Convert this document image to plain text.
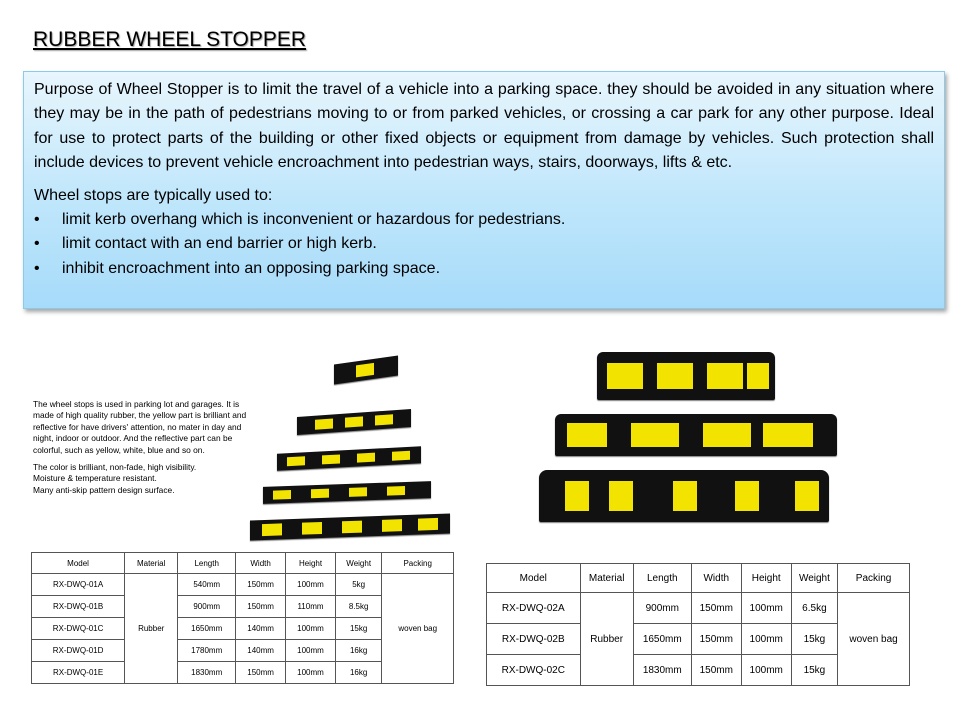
RUBBER WHEEL STOPPER

Purpose of Wheel Stopper is to limit the travel of a vehicle into a parking space. they should be avoided in any situation where they may be in the path of pedestrians moving to or from parked vehicles, or crossing a car park for any other purpose. Ideal for use to protect parts of the building or other fixed objects or equipment from damage by vehicles. Such protection shall include devices to prevent vehicle encroachment into pedestrian ways, stairs, doorways, lifts & etc.

Wheel stops are typically used to:

• limit kerb overhang which is inconvenient or hazardous for pedestrians.
• limit contact with an end barrier or high kerb.
• inhibit encroachment into an opposing parking space.

The wheel stops is used in parking lot and garages. It is made of high quality rubber, the yellow part is brilliant and reflective for have drivers' attention, no mater in day and night, indoor or outdoor. And the reflective part can be colorful, such as yellow, white, blue and so on.

The color is brilliant, non-fade, high visibility.

Moisture & temperature resistant.

Many anti-skip pattern design surface.

Model	Material	Length	Width	Height	Weight	Packing
RX-DWQ-01A	Rubber	540mm	150mm	100mm	5kg	woven bag
RX-DWQ-01B		900mm	150mm	110mm	8.5kg	
RX-DWQ-01C		1650mm	140mm	100mm	15kg	
RX-DWQ-01D		1780mm	140mm	100mm	16kg	
RX-DWQ-01E		1830mm	150mm	100mm	16kg	
Model	Material	Length	Width	Height	Weight	Packing
RX-DWQ-02A	Rubber	900mm	150mm	100mm	6.5kg	woven bag
RX-DWQ-02B		1650mm	150mm	100mm	15kg	
RX-DWQ-02C		1830mm	150mm	100mm	15kg	
